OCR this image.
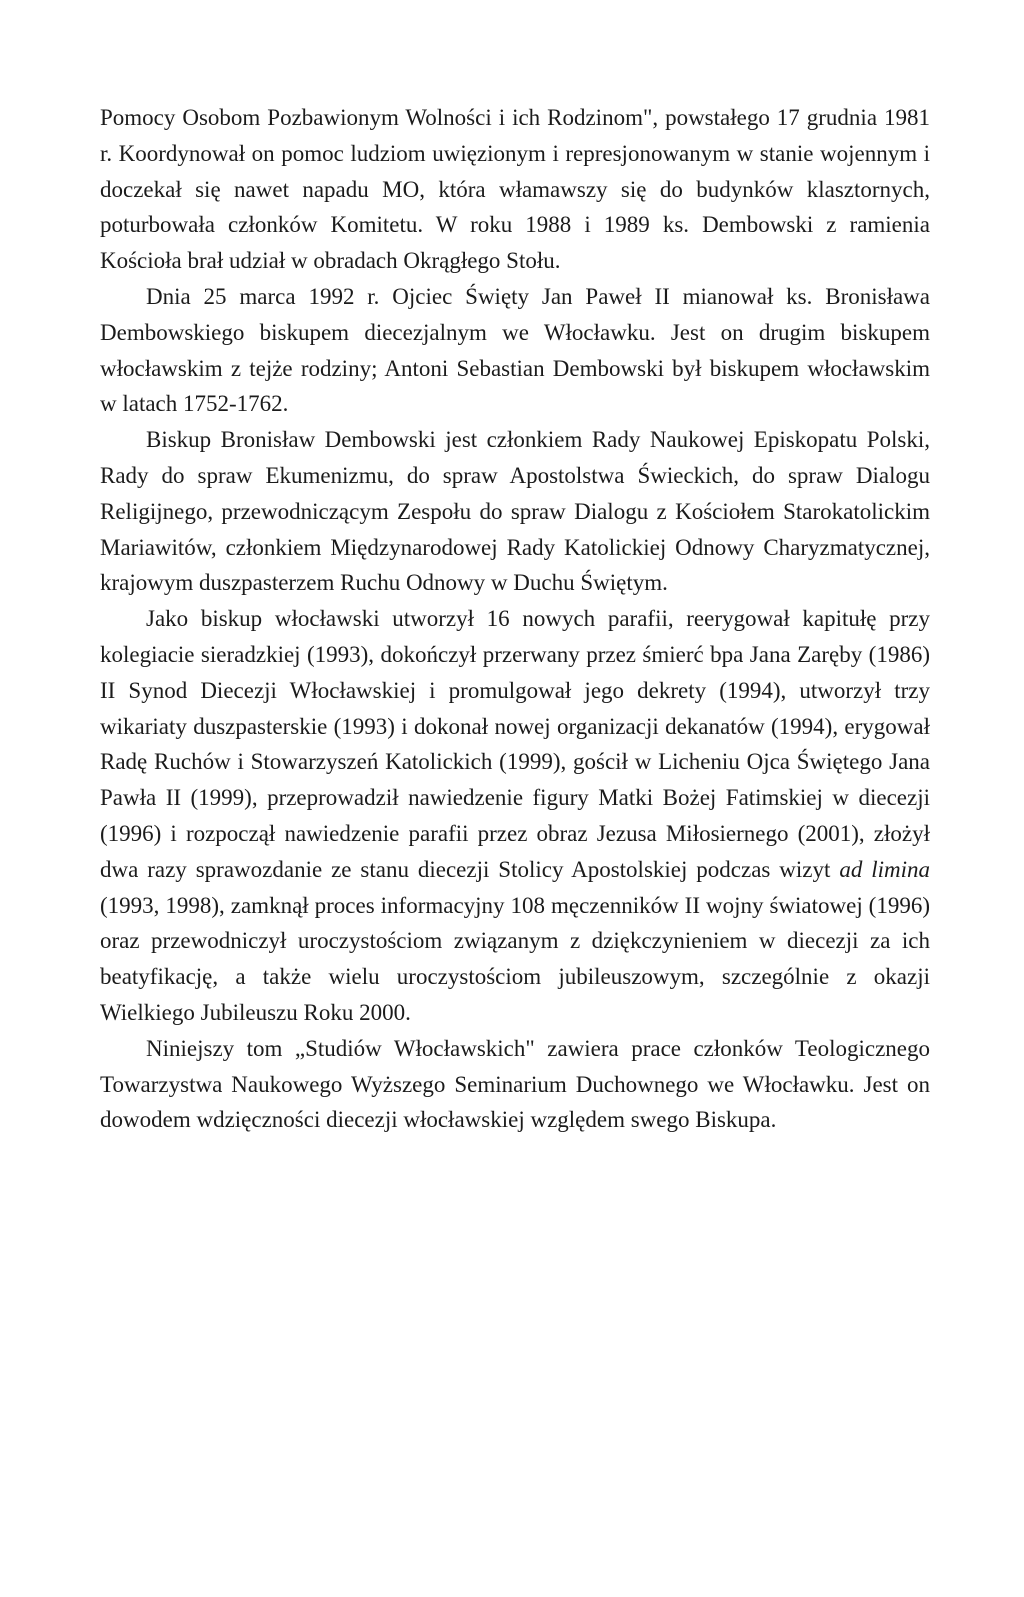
Pomocy Osobom Pozbawionym Wolności i ich Rodzinom", powstałego 17 grudnia 1981 r. Koordynował on pomoc ludziom uwięzionym i represjonowanym w stanie wojennym i doczekał się nawet napadu MO, która włamawszy się do budynków klasztornych, poturbowała członków Komitetu. W roku 1988 i 1989 ks. Dembowski z ramienia Kościoła brał udział w obradach Okrągłego Stołu.

Dnia 25 marca 1992 r. Ojciec Święty Jan Paweł II mianował ks. Bronisława Dembowskiego biskupem diecezjalnym we Włocławku. Jest on drugim biskupem włocławskim z tejże rodziny; Antoni Sebastian Dembowski był biskupem włocławskim w latach 1752-1762.

Biskup Bronisław Dembowski jest członkiem Rady Naukowej Episkopatu Polski, Rady do spraw Ekumenizmu, do spraw Apostolstwa Świeckich, do spraw Dialogu Religijnego, przewodniczącym Zespołu do spraw Dialogu z Kościołem Starokatolickim Mariawitów, członkiem Międzynarodowej Rady Katolickiej Odnowy Charyzmatycznej, krajowym duszpasterzem Ruchu Odnowy w Duchu Świętym.

Jako biskup włocławski utworzył 16 nowych parafii, reerygował kapitułę przy kolegiacie sieradzkiej (1993), dokończył przerwany przez śmierć bpa Jana Zaręby (1986) II Synod Diecezji Włocławskiej i promulgował jego dekrety (1994), utworzył trzy wikariaty duszpasterskie (1993) i dokonał nowej organizacji dekanatów (1994), erygował Radę Ruchów i Stowarzyszeń Katolickich (1999), gościł w Licheniu Ojca Świętego Jana Pawła II (1999), przeprowadził nawiedzenie figury Matki Bożej Fatimskiej w diecezji (1996) i rozpoczął nawiedzenie parafii przez obraz Jezusa Miłosiernego (2001), złożył dwa razy sprawozdanie ze stanu diecezji Stolicy Apostolskiej podczas wizyt ad limina (1993, 1998), zamknął proces informacyjny 108 męczenników II wojny światowej (1996) oraz przewodniczył uroczystościom związanym z dziękczynieniem w diecezji za ich beatyfikację, a także wielu uroczystościom jubileuszowym, szczególnie z okazji Wielkiego Jubileuszu Roku 2000.

Niniejszy tom „Studiów Włocławskich" zawiera prace członków Teologicznego Towarzystwa Naukowego Wyższego Seminarium Duchownego we Włocławku. Jest on dowodem wdzięczności diecezji włocławskiej względem swego Biskupa.
